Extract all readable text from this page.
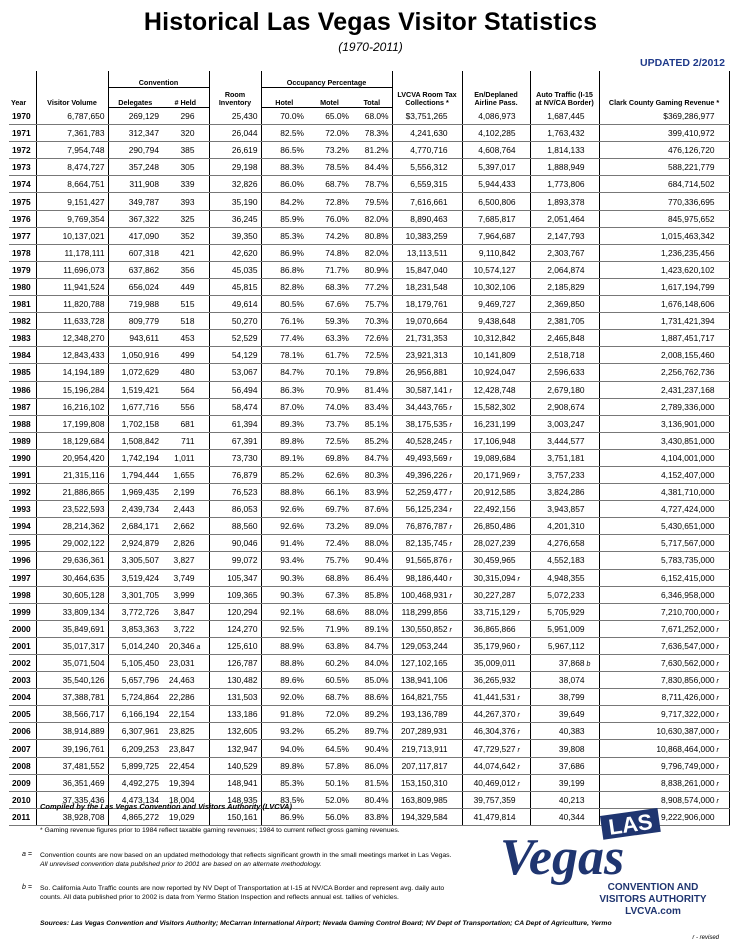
Historical Las Vegas Visitor Statistics
(1970-2011)
UPDATED 2/2012
Year	Visitor Volume	Convention		Room Inventory	Occupancy Percentage			LVCVA Room Tax Collections *	En/Deplaned Airline Pass.	Auto Traffic (I-15 at NV/CA Border)	Clark County Gaming Revenue *
		Delegates	# Held		Hotel	Motel	Total				
1970	6,787,650	269,129	296	25,430	70.0%	65.0%	68.0%	$3,751,265	4,086,973	1,687,445	$369,286,977
1971	7,361,783	312,347	320	26,044	82.5%	72.0%	78.3%	4,241,630	4,102,285	1,763,432	399,410,972
1972	7,954,748	290,794	385	26,619	86.5%	73.2%	81.2%	4,770,716	4,608,764	1,814,133	476,126,720
1973	8,474,727	357,248	305	29,198	88.3%	78.5%	84.4%	5,556,312	5,397,017	1,888,949	588,221,779
1974	8,664,751	311,908	339	32,826	86.0%	68.7%	78.7%	6,559,315	5,944,433	1,773,806	684,714,502
1975	9,151,427	349,787	393	35,190	84.2%	72.8%	79.5%	7,616,661	6,500,806	1,893,378	770,336,695
1976	9,769,354	367,322	325	36,245	85.9%	76.0%	82.0%	8,890,463	7,685,817	2,051,464	845,975,652
1977	10,137,021	417,090	352	39,350	85.3%	74.2%	80.8%	10,383,259	7,964,687	2,147,793	1,015,463,342
1978	11,178,111	607,318	421	42,620	86.9%	74.8%	82.0%	13,113,511	9,110,842	2,303,767	1,236,235,456
1979	11,696,073	637,862	356	45,035	86.8%	71.7%	80.9%	15,847,040	10,574,127	2,064,874	1,423,620,102
1980	11,941,524	656,024	449	45,815	82.8%	68.3%	77.2%	18,231,548	10,302,106	2,185,829	1,617,194,799
1981	11,820,788	719,988	515	49,614	80.5%	67.6%	75.7%	18,179,761	9,469,727	2,369,850	1,676,148,606
1982	11,633,728	809,779	518	50,270	76.1%	59.3%	70.3%	19,070,664	9,438,648	2,381,705	1,731,421,394
1983	12,348,270	943,611	453	52,529	77.4%	63.3%	72.6%	21,731,353	10,312,842	2,465,848	1,887,451,717
1984	12,843,433	1,050,916	499	54,129	78.1%	61.7%	72.5%	23,921,313	10,141,809	2,518,718	2,008,155,460
1985	14,194,189	1,072,629	480	53,067	84.7%	70.1%	79.8%	26,956,881	10,924,047	2,596,633	2,256,762,736
1986	15,196,284	1,519,421	564	56,494	86.3%	70.9%	81.4%	30,587,141 r	12,428,748	2,679,180	2,431,237,168
1987	16,216,102	1,677,716	556	58,474	87.0%	74.0%	83.4%	34,443,765 r	15,582,302	2,908,674	2,789,336,000
1988	17,199,808	1,702,158	681	61,394	89.3%	73.7%	85.1%	38,175,535 r	16,231,199	3,003,247	3,136,901,000
1989	18,129,684	1,508,842	711	67,391	89.8%	72.5%	85.2%	40,528,245 r	17,106,948	3,444,577	3,430,851,000
1990	20,954,420	1,742,194	1,011	73,730	89.1%	69.8%	84.7%	49,493,569 r	19,089,684	3,751,181	4,104,001,000
1991	21,315,116	1,794,444	1,655	76,879	85.2%	62.6%	80.3%	49,396,226 r	20,171,969 r	3,757,233	4,152,407,000
1992	21,886,865	1,969,435	2,199	76,523	88.8%	66.1%	83.9%	52,259,477 r	20,912,585	3,824,286	4,381,710,000
1993	23,522,593	2,439,734	2,443	86,053	92.6%	69.7%	87.6%	56,125,234 r	22,492,156	3,943,857	4,727,424,000
1994	28,214,362	2,684,171	2,662	88,560	92.6%	73.2%	89.0%	76,876,787 r	26,850,486	4,201,310	5,430,651,000
1995	29,002,122	2,924,879	2,826	90,046	91.4%	72.4%	88.0%	82,135,745 r	28,027,239	4,276,658	5,717,567,000
1996	29,636,361	3,305,507	3,827	99,072	93.4%	75.7%	90.4%	91,565,876 r	30,459,965	4,552,183	5,783,735,000
1997	30,464,635	3,519,424	3,749	105,347	90.3%	68.8%	86.4%	98,186,440 r	30,315,094 r	4,948,355	6,152,415,000
1998	30,605,128	3,301,705	3,999	109,365	90.3%	67.3%	85.8%	100,468,931 r	30,227,287	5,072,233	6,346,958,000
1999	33,809,134	3,772,726	3,847	120,294	92.1%	68.6%	88.0%	118,299,856	33,715,129 r	5,705,929	7,210,700,000 r
2000	35,849,691	3,853,363	3,722	124,270	92.5%	71.9%	89.1%	130,550,852 r	36,865,866	5,951,009	7,671,252,000 r
2001	35,017,317	5,014,240	20,346 a	125,610	88.9%	63.8%	84.7%	129,053,244	35,179,960 r	5,967,112	7,636,547,000 r
2002	35,071,504	5,105,450	23,031	126,787	88.8%	60.2%	84.0%	127,102,165	35,009,011	37,868 b	7,630,562,000 r
2003	35,540,126	5,657,796	24,463	130,482	89.6%	60.5%	85.0%	138,941,106	36,265,932	38,074	7,830,856,000 r
2004	37,388,781	5,724,864	22,286	131,503	92.0%	68.7%	88.6%	164,821,755	41,441,531 r	38,799	8,711,426,000 r
2005	38,566,717	6,166,194	22,154	133,186	91.8%	72.0%	89.2%	193,136,789	44,267,370 r	39,649	9,717,322,000 r
2006	38,914,889	6,307,961	23,825	132,605	93.2%	65.2%	89.7%	207,289,931	46,304,376 r	40,383	10,630,387,000 r
2007	39,196,761	6,209,253	23,847	132,947	94.0%	64.5%	90.4%	219,713,911	47,729,527 r	39,808	10,868,464,000 r
2008	37,481,552	5,899,725	22,454	140,529	89.8%	57.8%	86.0%	207,117,817	44,074,642 r	37,686	9,796,749,000 r
2009	36,351,469	4,492,275	19,394	148,941	85.3%	50.1%	81.5%	153,150,310	40,469,012 r	39,199	8,838,261,000 r
2010	37,335,436	4,473,134	18,004	148,935	83.5%	52.0%	80.4%	163,809,985	39,757,359	40,213	8,908,574,000 r
2011	38,928,708	4,865,272	19,029	150,161	86.9%	56.0%	83.8%	194,329,584	41,479,814	40,344	9,222,906,000
Compiled by the Las Vegas Convention and Visitors Authority (LVCVA)
* Gaming revenue figures prior to 1984 reflect taxable gaming revenues; 1984 to current reflect gross gaming revenues.
a = Convention counts are now based on an updated methodology that reflects significant growth in the small meetings market in Las Vegas.
All unrevised convention data published prior to 2001 are based on an alternate methodology.
b = So. California Auto Traffic counts are now reported by NV Dept of Transportation at I-15 at NV/CA Border and represent avg. daily auto
counts. All data published prior to 2002 is data from Yermo Station Inspection and reflects annual est. tallies of vehicles.
LAS
Vegas
CONVENTION AND
VISITORS AUTHORITY
LVCVA.com
Sources: Las Vegas Convention and Visitors Authority; McCarran International Airport; Nevada Gaming Control Board; NV Dept of Transportation; CA Dept of Agriculture, Yermo
r - revised
